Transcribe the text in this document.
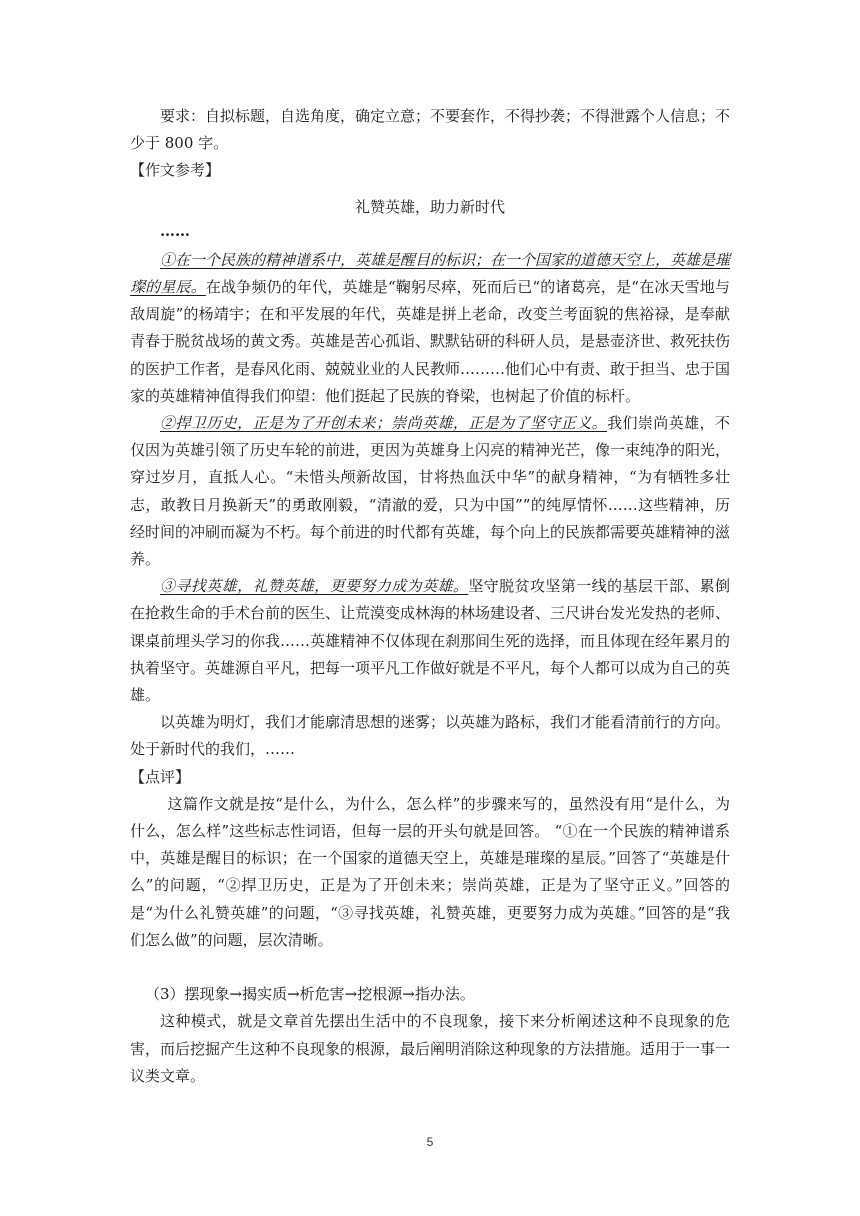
要求：自拟标题，自选角度，确定立意；不要套作，不得抄袭；不得泄露个人信息；不少于 800 字。

【作文参考】

礼赞英雄，助力新时代

……

①在一个民族的精神谱系中，英雄是醒目的标识；在一个国家的道德天空上，英雄是璀璨的星辰。在战争频仍的年代，英雄是“鞠躬尽瘁，死而后已“的诸葛亮，是“在冰天雪地与敌周旋”的杨靖宇；在和平发展的年代，英雄是拼上老命，改变兰考面貌的焦裕禄，是奉献青春于脱贫战场的黄文秀。英雄是苦心孤诣、默默钻研的科研人员，是悬壶济世、救死扶伤的医护工作者，是春风化雨、兢兢业业的人民教师………他们心中有责、敢于担当、忠于国家的英雄精神值得我们仰望：他们挺起了民族的脊梁，也树起了价值的标杆。

②捍卫历史，正是为了开创未来；崇尚英雄，正是为了坚守正义。我们崇尚英雄，不仅因为英雄引领了历史车轮的前进，更因为英雄身上闪亮的精神光芒，像一束纯净的阳光，穿过岁月，直抵人心。“未惜头颅新故国，甘将热血沃中华”的献身精神，“为有牺牲多壮志，敢教日月换新天”的勇敢刚毅，“清澈的爱，只为中国””的纯厚情怀……这些精神，历经时间的冲刷而凝为不朽。每个前进的时代都有英雄，每个向上的民族都需要英雄精神的滋养。

③寻找英雄，礼赞英雄，更要努力成为英雄。坚守脱贫攻坚第一线的基层干部、累倒在抢救生命的手术台前的医生、让荒漠变成林海的林场建设者、三尺讲台发光发热的老师、课桌前埋头学习的你我……英雄精神不仅体现在刹那间生死的选择，而且体现在经年累月的执着坚守。英雄源自平凡，把每一项平凡工作做好就是不平凡，每个人都可以成为自己的英雄。

以英雄为明灯，我们才能廓清思想的迷雾；以英雄为路标，我们才能看清前行的方向。处于新时代的我们，……

【点评】

这篇作文就是按“是什么，为什么，怎么样”的步骤来写的，虽然没有用“是什么，为什么，怎么样”这些标志性词语，但每一层的开头句就是回答。 “①在一个民族的精神谱系中，英雄是醒目的标识；在一个国家的道德天空上，英雄是璀璨的星辰。”回答了“英雄是什么”的问题，“②捍卫历史，正是为了开创未来；崇尚英雄，正是为了坚守正义。”回答的是“为什么礼赞英雄”的问题，“③寻找英雄，礼赞英雄，更要努力成为英雄。”回答的是“我们怎么做”的问题，层次清晰。

（3）摆现象→揭实质→析危害→挖根源→指办法。

这种模式，就是文章首先摆出生活中的不良现象，接下来分析阐述这种不良现象的危害，而后挖掘产生这种不良现象的根源，最后阐明消除这种现象的方法措施。适用于一事一议类文章。

5
